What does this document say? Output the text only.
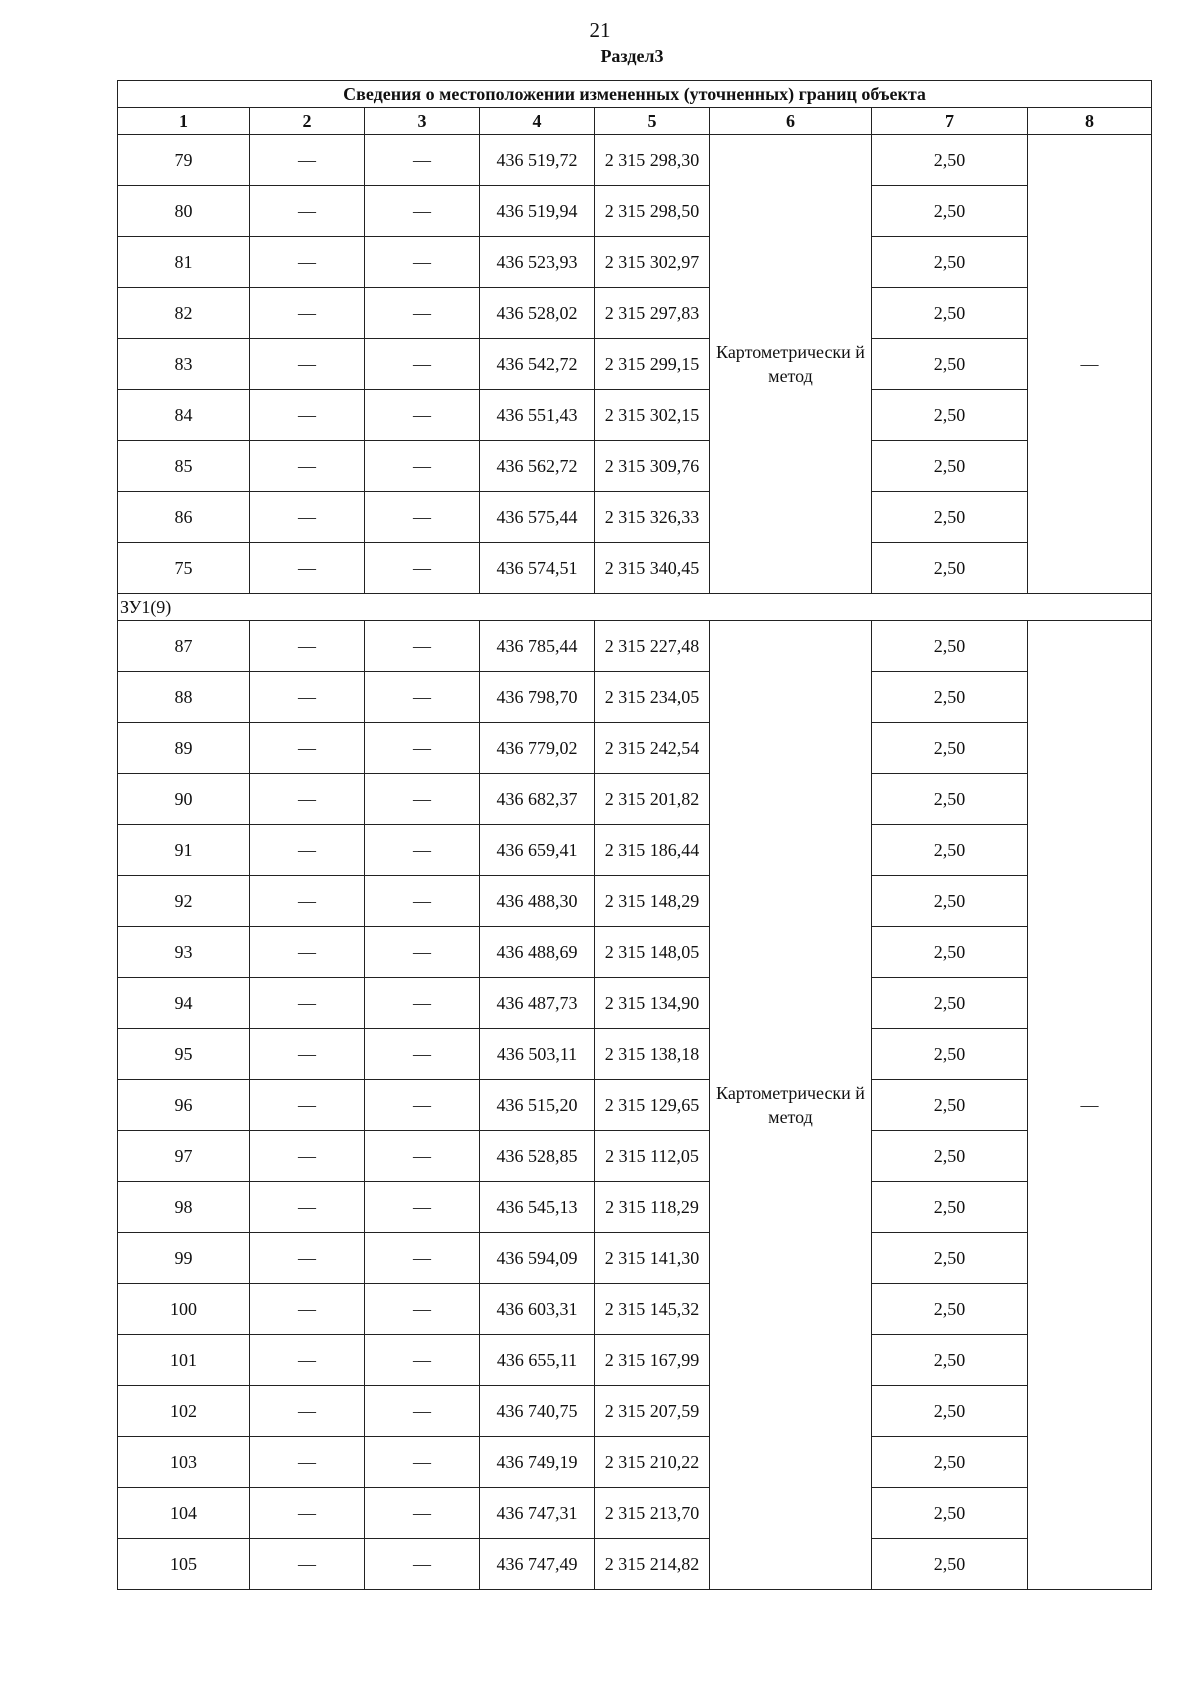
21
Раздел3
Сведения о местоположении измененных (уточненных) границ объекта							
1	2	3	4	5	6	7	8
79	—	—	436 519,72	2 315 298,30	Картометрически й метод	2,50	—
80	—	—	436 519,94	2 315 298,50		2,50	
81	—	—	436 523,93	2 315 302,97		2,50	
82	—	—	436 528,02	2 315 297,83		2,50	
83	—	—	436 542,72	2 315 299,15		2,50	
84	—	—	436 551,43	2 315 302,15		2,50	
85	—	—	436 562,72	2 315 309,76		2,50	
86	—	—	436 575,44	2 315 326,33		2,50	
75	—	—	436 574,51	2 315 340,45		2,50	
ЗУ1(9)							
87	—	—	436 785,44	2 315 227,48	Картометрически й метод	2,50	—
88	—	—	436 798,70	2 315 234,05		2,50	
89	—	—	436 779,02	2 315 242,54		2,50	
90	—	—	436 682,37	2 315 201,82		2,50	
91	—	—	436 659,41	2 315 186,44		2,50	
92	—	—	436 488,30	2 315 148,29		2,50	
93	—	—	436 488,69	2 315 148,05		2,50	
94	—	—	436 487,73	2 315 134,90		2,50	
95	—	—	436 503,11	2 315 138,18		2,50	
96	—	—	436 515,20	2 315 129,65		2,50	
97	—	—	436 528,85	2 315 112,05		2,50	
98	—	—	436 545,13	2 315 118,29		2,50	
99	—	—	436 594,09	2 315 141,30		2,50	
100	—	—	436 603,31	2 315 145,32		2,50	
101	—	—	436 655,11	2 315 167,99		2,50	
102	—	—	436 740,75	2 315 207,59		2,50	
103	—	—	436 749,19	2 315 210,22		2,50	
104	—	—	436 747,31	2 315 213,70		2,50	
105	—	—	436 747,49	2 315 214,82		2,50	
